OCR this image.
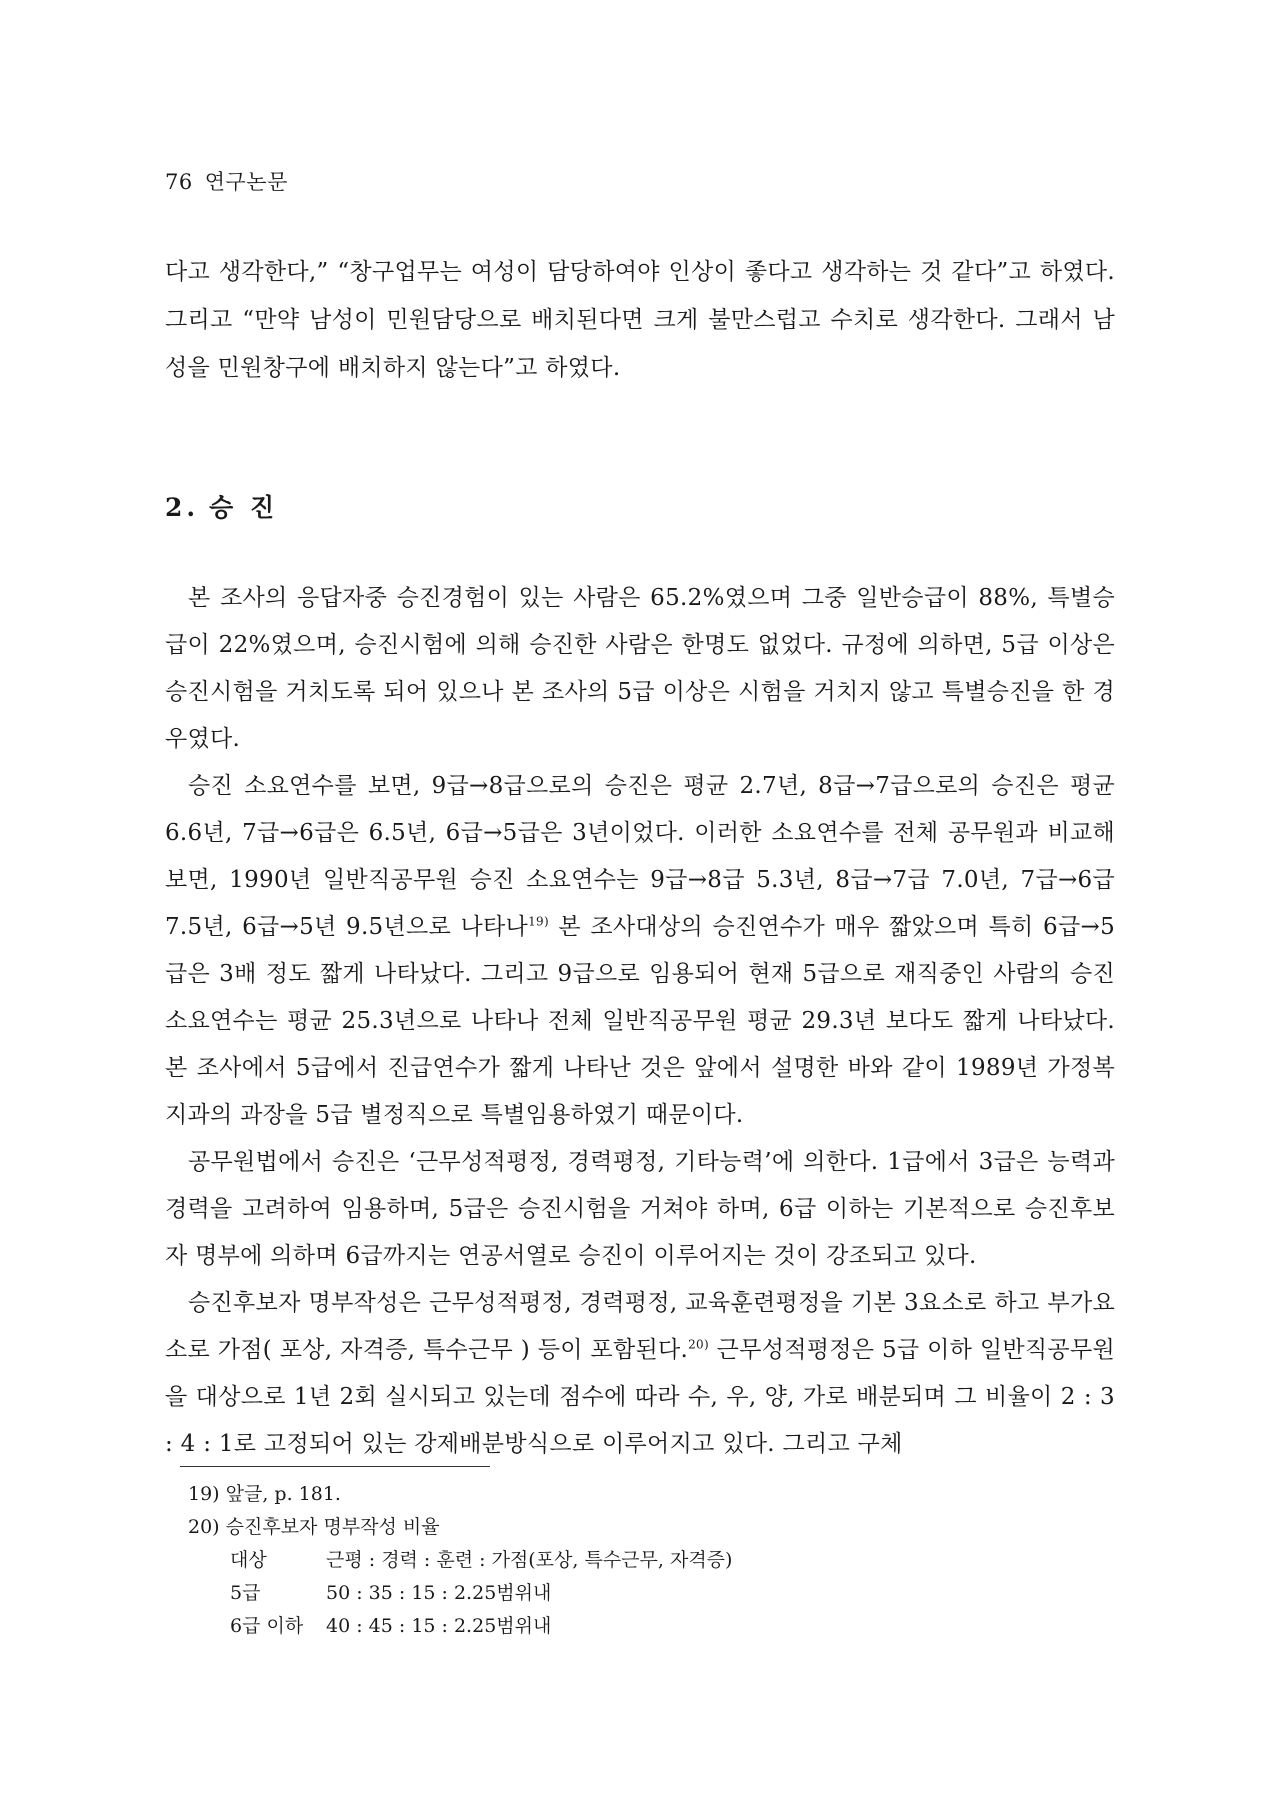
76 연구논문

다고 생각한다,” “창구업무는 여성이 담당하여야 인상이 좋다고 생각하는 것 같다”고 하였다. 그리고 “만약 남성이 민원담당으로 배치된다면 크게 불만스럽고 수치로 생각한다. 그래서 남성을 민원창구에 배치하지 않는다”고 하였다.

2. 승 진

본 조사의 응답자중 승진경험이 있는 사람은 65.2%였으며 그중 일반승급이 88%, 특별승급이 22%였으며, 승진시험에 의해 승진한 사람은 한명도 없었다. 규정에 의하면, 5급 이상은 승진시험을 거치도록 되어 있으나 본 조사의 5급 이상은 시험을 거치지 않고 특별승진을 한 경우였다.

승진 소요연수를 보면, 9급→8급으로의 승진은 평균 2.7년, 8급→7급으로의 승진은 평균 6.6년, 7급→6급은 6.5년, 6급→5급은 3년이었다. 이러한 소요연수를 전체 공무원과 비교해 보면, 1990년 일반직공무원 승진 소요연수는 9급→8급 5.3년, 8급→7급 7.0년, 7급→6급 7.5년, 6급→5년 9.5년으로 나타나$^{19)}$ 본 조사대상의 승진연수가 매우 짧았으며 특히 6급→5급은 3배 정도 짧게 나타났다. 그리고 9급으로 임용되어 현재 5급으로 재직중인 사람의 승진 소요연수는 평균 25.3년으로 나타나 전체 일반직공무원 평균 29.3년 보다도 짧게 나타났다. 본 조사에서 5급에서 진급연수가 짧게 나타난 것은 앞에서 설명한 바와 같이 1989년 가정복지과의 과장을 5급 별정직으로 특별임용하였기 때문이다.

공무원법에서 승진은 ‘근무성적평정, 경력평정, 기타능력’에 의한다. 1급에서 3급은 능력과 경력을 고려하여 임용하며, 5급은 승진시험을 거쳐야 하며, 6급 이하는 기본적으로 승진후보자 명부에 의하며 6급까지는 연공서열로 승진이 이루어지는 것이 강조되고 있다.

승진후보자 명부작성은 근무성적평정, 경력평정, 교육훈련평정을 기본 3요소로 하고 부가요소로 가점( 포상, 자격증, 특수근무 ) 등이 포함된다.$^{20)}$ 근무성적평정은 5급 이하 일반직공무원을 대상으로 1년 2회 실시되고 있는데 점수에 따라 수, 우, 양, 가로 배분되며 그 비율이 2 : 3 : 4 : 1로 고정되어 있는 강제배분방식으로 이루어지고 있다. 그리고 구체

19) 앞글, p. 181.

20) 승진후보자 명부작성 비율

대상	근평 : 경력 : 훈련 : 가점(포상, 특수근무, 자격증)
5급	50 : 35 : 15 : 2.25범위내
6급 이하	40 : 45 : 15 : 2.25범위내
